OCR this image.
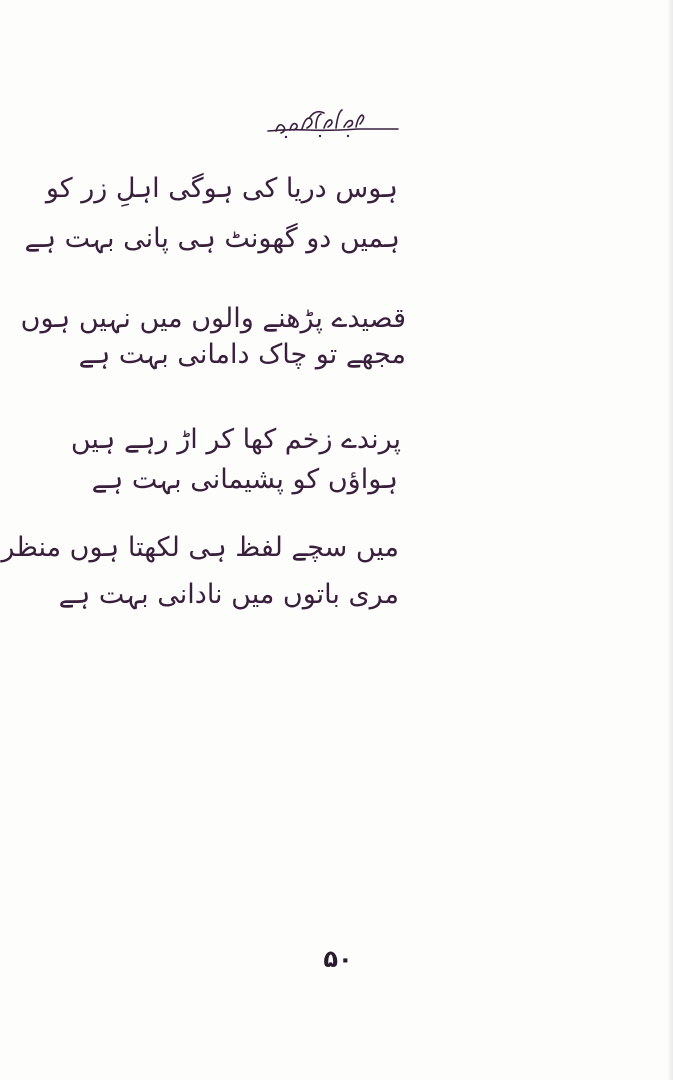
ہوس دریا کی ہوگی اہلِ زر کو
ہمیں دو گھونٹ ہی پانی بہت ہے
قصیدے پڑھنے والوں میں نہیں ہوں
مجھے تو چاک دامانی بہت ہے
پرندے زخم کھا کر اڑ رہے ہیں
ہواؤں کو پشیمانی بہت ہے
میں سچے لفظ ہی لکھتا ہوں منظر
مری باتوں میں نادانی بہت ہے
۵۰
